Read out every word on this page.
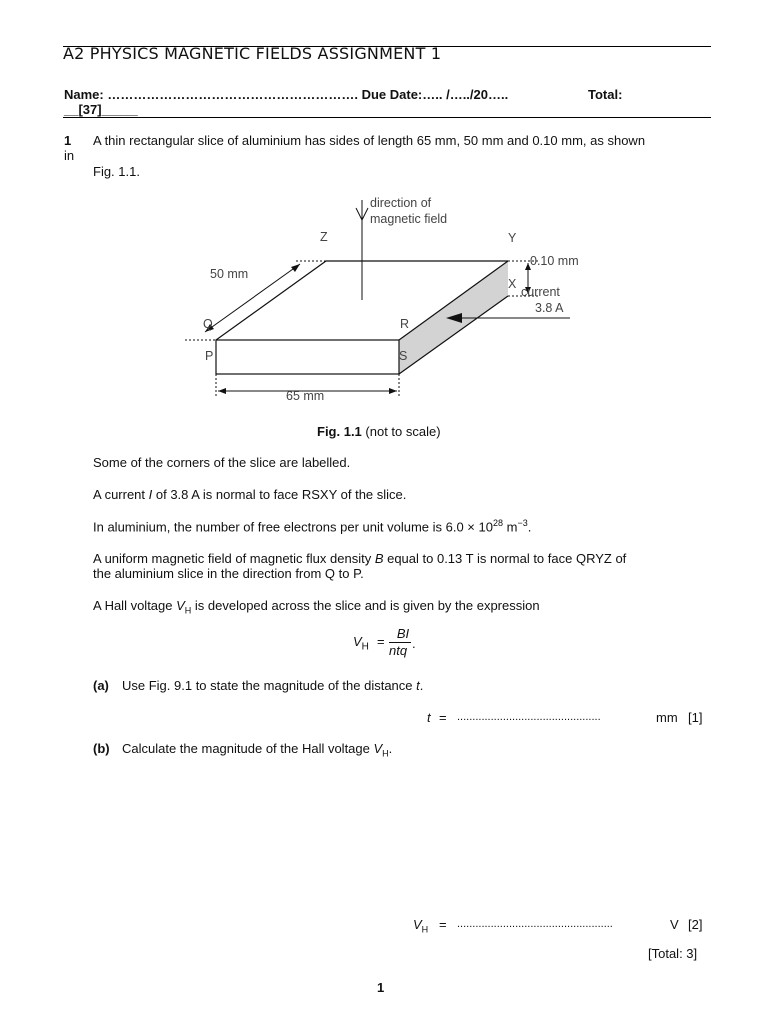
A2 PHYSICS MAGNETIC FIELDS ASSIGNMENT 1
Name: …………………………………………………. Due Date:….. /…../20…..	Total:
__[37]_____
1 A thin rectangular slice of aluminium has sides of length 65 mm, 50 mm and 0.10 mm, as shown
in
Fig. 1.1.
direction of
magnetic field
Z	Y
50 mm
0.10 mm
X
current
3.8 A
Q	R
P	S
65 mm
Fig. 1.1 (not to scale)
Some of the corners of the slice are labelled.
A current I of 3.8 A is normal to face RSXY of the slice.
In aluminium, the number of free electrons per unit volume is $6.0 \times 10^{28}$ $m^{-3}$.
A uniform magnetic field of magnetic flux density B equal to 0.13 T is normal to face QRYZ of
the aluminium slice in the direction from Q to P.
A Hall voltage $V_H$ is developed across the slice and is given by the expression
$V_H$ =
BI
ntq .
(a) Use Fig. 9.1 to state the magnitude of the distance t.
t = ...............................................	mm [1]
(b) Calculate the magnitude of the Hall voltage $V_H$.
$V_H$ = ...................................................	V [2]
[Total: 3]
1
